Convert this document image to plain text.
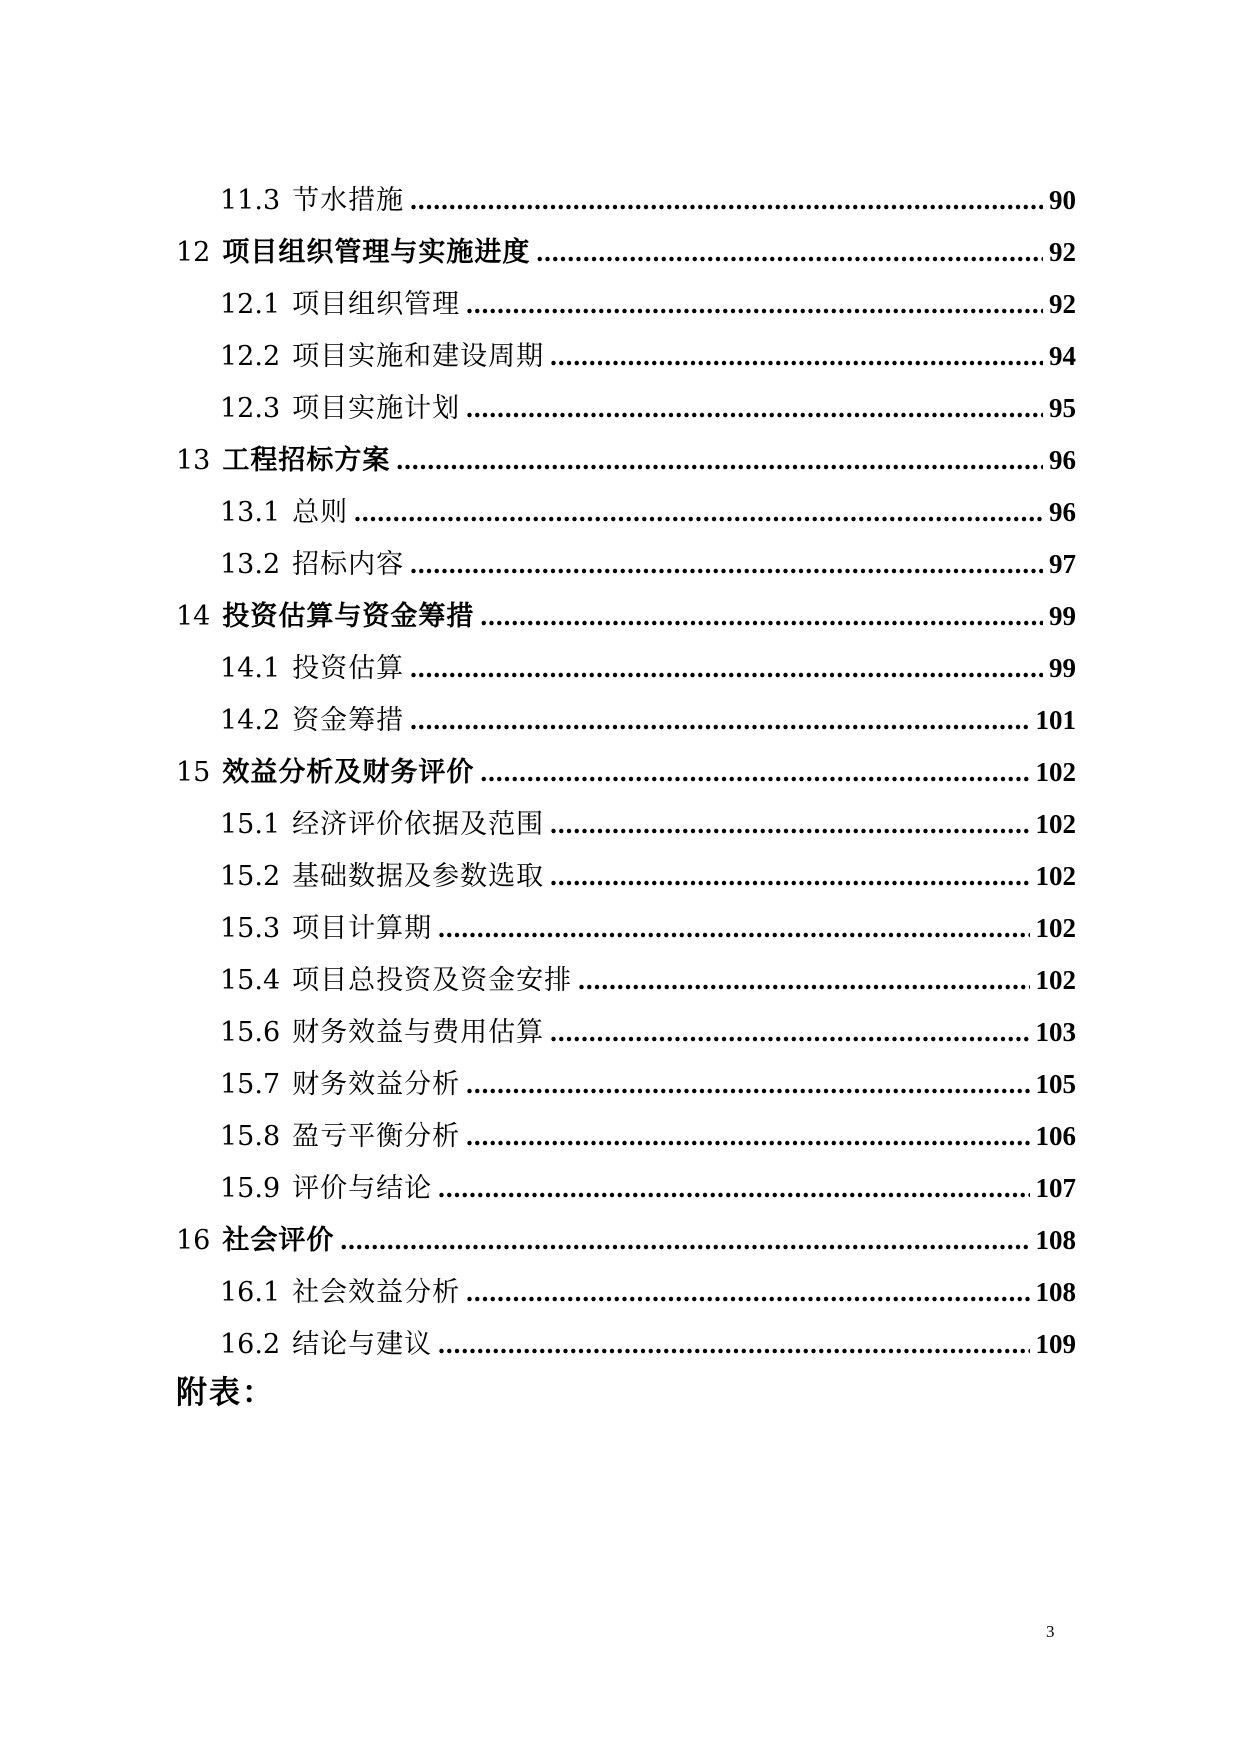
11.3 节水措施 .....	90
12 项目组织管理与实施进度 .....	92
12.1 项目组织管理 .....	92
12.2 项目实施和建设周期 .....	94
12.3 项目实施计划 .....	95
13 工程招标方案 .....	96
13.1 总则 .....	96
13.2 招标内容 .....	97
14 投资估算与资金筹措 .....	99
14.1 投资估算 .....	99
14.2 资金筹措 .....	101
15 效益分析及财务评价 .....	102
15.1 经济评价依据及范围 .....	102
15.2 基础数据及参数选取 .....	102
15.3 项目计算期 .....	102
15.4 项目总投资及资金安排 .....	102
15.6 财务效益与费用估算 .....	103
15.7 财务效益分析 .....	105
15.8 盈亏平衡分析 .....	106
15.9 评价与结论 .....	107
16 社会评价 .....	108
16.1 社会效益分析 .....	108
16.2 结论与建议 .....	109
附表：
3
